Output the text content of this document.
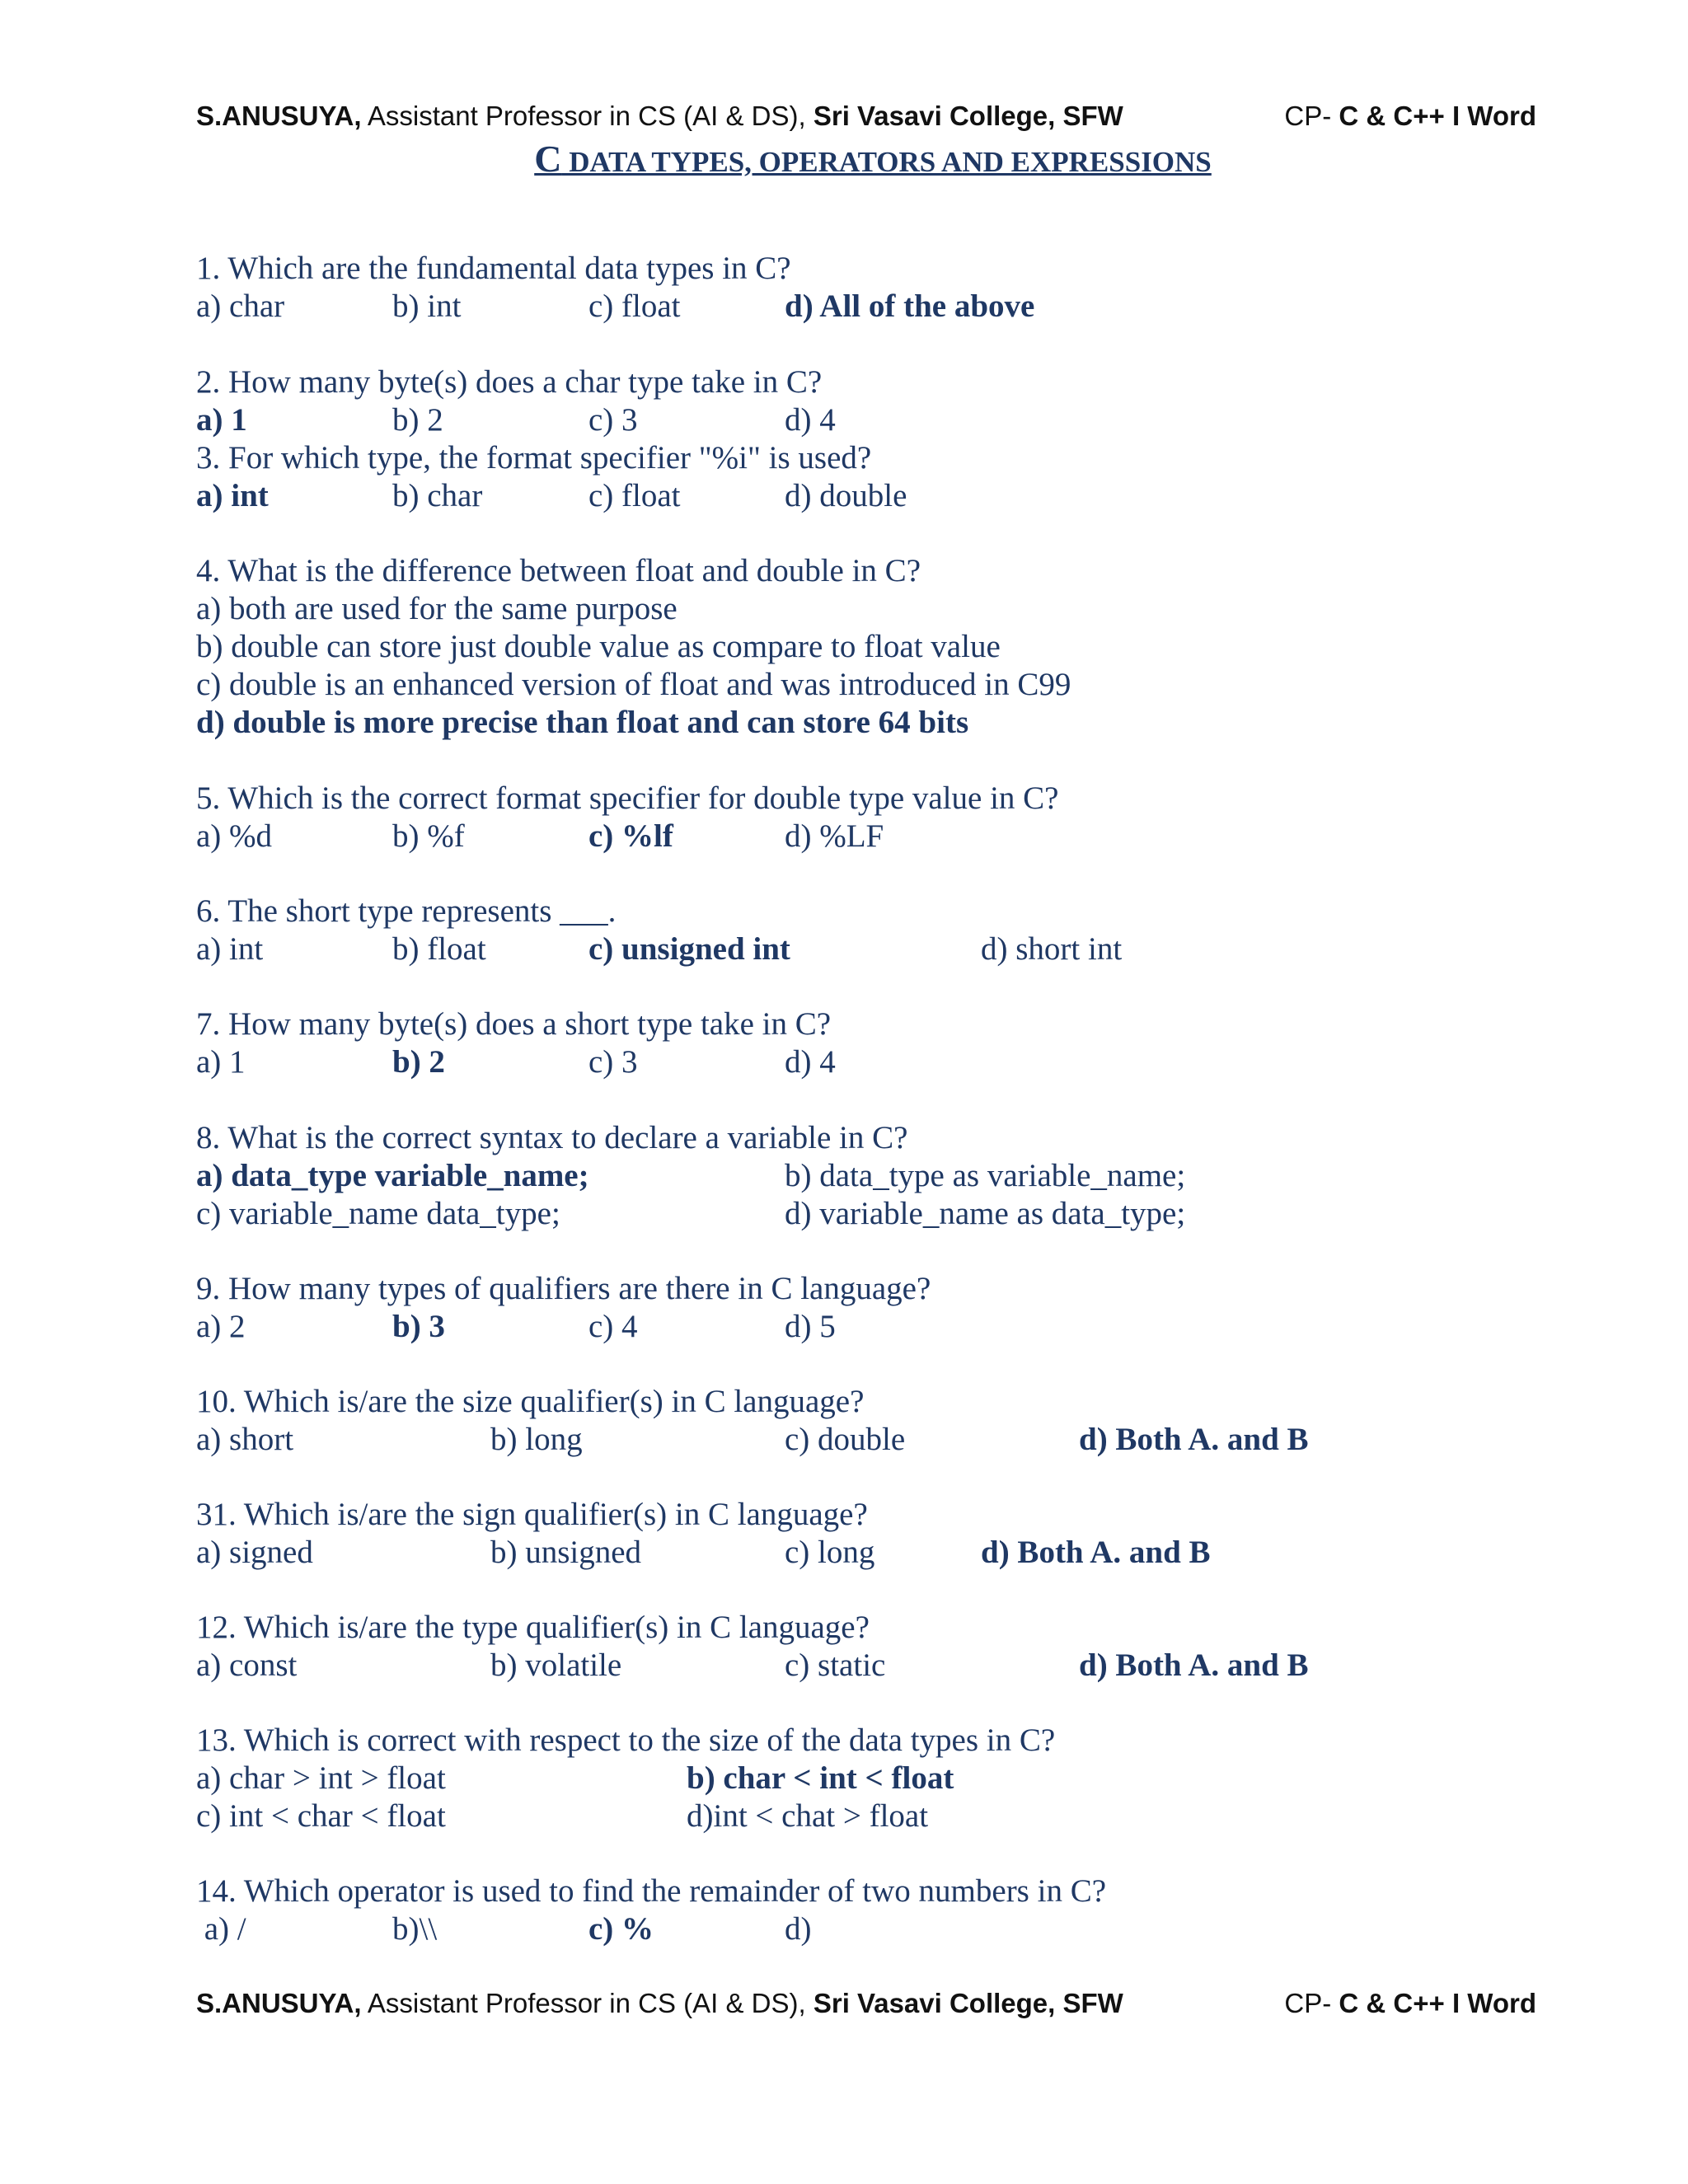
S.ANUSUYA, Assistant Professor in CS (AI & DS), Sri Vasavi College, SFW	CP- C & C++ I Word
C DATA TYPES, OPERATORS AND EXPRESSIONS
1. Which are the fundamental data types in C?
a) char	b) int	c) float	d) All of the above
2. How many byte(s) does a char type take in C?
a) 1	b) 2	c) 3	d) 4
3. For which type, the format specifier "%i" is used?
a) int	b) char	c) float	d) double
4. What is the difference between float and double in C?
a) both are used for the same purpose
b) double can store just double value as compare to float value
c) double is an enhanced version of float and was introduced in C99
d) double is more precise than float and can store 64 bits
5. Which is the correct format specifier for double type value in C?
a) %d	b) %f	c) %lf	d) %LF
6. The short type represents ___.
a) int	b) float	c) unsigned int	d) short int
7. How many byte(s) does a short type take in C?
a) 1	b) 2	c) 3	d) 4
8. What is the correct syntax to declare a variable in C?
a) data_type variable_name;	b) data_type as variable_name;
c) variable_name data_type;	d) variable_name as data_type;
9. How many types of qualifiers are there in C language?
a) 2	b) 3	c) 4	d) 5
10. Which is/are the size qualifier(s) in C language?
a) short	b) long	c) double	d) Both A. and B
31. Which is/are the sign qualifier(s) in C language?
a) signed	b) unsigned	c) long	d) Both A. and B
12. Which is/are the type qualifier(s) in C language?
a) const	b) volatile	c) static	d) Both A. and B
13. Which is correct with respect to the size of the data types in C?
a) char > int > float	b) char < int < float
c) int < char < float	d)int < chat > float
14. Which operator is used to find the remainder of two numbers in C?
a) /	b)\\	c) %	d)
S.ANUSUYA, Assistant Professor in CS (AI & DS), Sri Vasavi College, SFW	CP- C & C++ I Word
